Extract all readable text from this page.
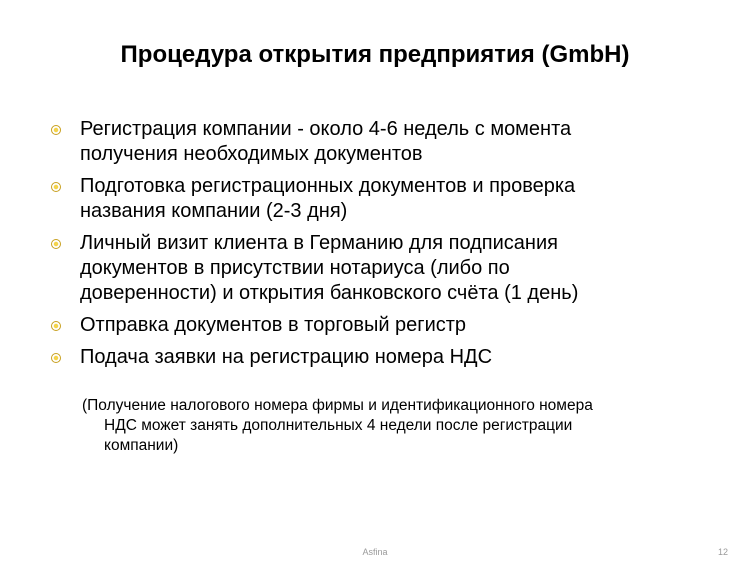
Процедура открытия предприятия (GmbH)
Регистрация компании - около 4-6 недель с момента
получения необходимых документов
Подготовка регистрационных документов и проверка
названия компании (2-3 дня)
Личный визит клиента в Германию для подписания
документов в присутствии нотариуса (либо по
доверенности) и открытия банковского счёта (1 день)
Отправка документов в торговый регистр
Подача заявки на регистрацию номера НДС
(Получение налогового номера фирмы и идентификационного номера
НДС может занять дополнительных 4 недели после регистрации
компании)
Asfina	12
